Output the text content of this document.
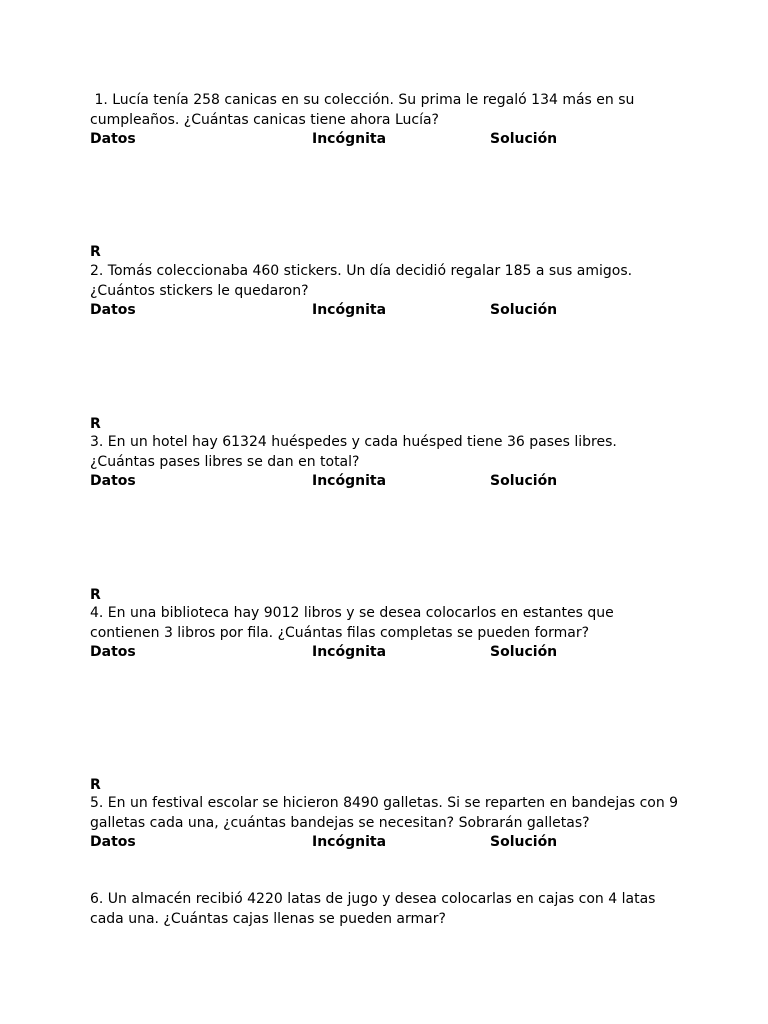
1. Lucía tenía 258 canicas en su colección. Su prima le regaló 134 más en su
cumpleaños. ¿Cuántas canicas tiene ahora Lucía?
Datos	Incógnita	Solución
R
2. Tomás coleccionaba 460 stickers. Un día decidió regalar 185 a sus amigos.
¿Cuántos stickers le quedaron?
Datos	Incógnita	Solución
R
3. En un hotel hay 61324 huéspedes y cada huésped tiene 36 pases libres.
¿Cuántas pases libres se dan en total?
Datos	Incógnita	Solución
R
4. En una biblioteca hay 9012 libros y se desea colocarlos en estantes que
contienen 3 libros por fila. ¿Cuántas filas completas se pueden formar?
Datos	Incógnita	Solución
R
5. En un festival escolar se hicieron 8490 galletas. Si se reparten en bandejas con 9
galletas cada una, ¿cuántas bandejas se necesitan? Sobrarán galletas?
Datos	Incógnita	Solución
6. Un almacén recibió 4220 latas de jugo y desea colocarlas en cajas con 4 latas
cada una. ¿Cuántas cajas llenas se pueden armar?
